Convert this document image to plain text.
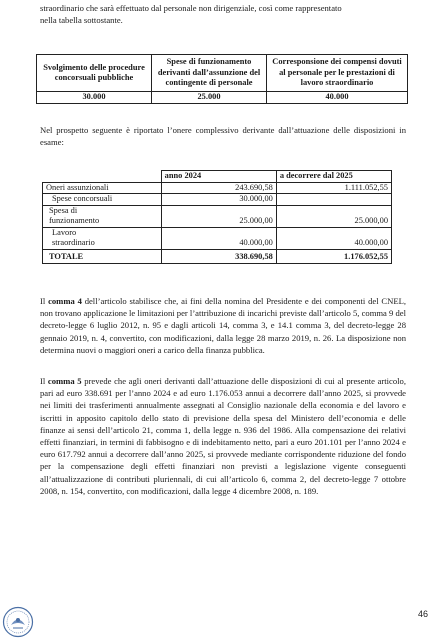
straordinario che sarà effettuato dal personale non dirigenziale, così come rappresentato
nella tabella sottostante.

Svolgimento delle procedure concorsuali pubbliche	Spese di funzionamento derivanti dall’assunzione del contingente di personale	Corresponsione dei compensi dovuti al personale per le prestazioni di lavoro straordinario
30.000	25.000	40.000

Nel prospetto seguente è riportato l’onere complessivo derivante dall’attuazione delle disposizioni in esame:

	anno 2024	a decorrere dal 2025
Oneri assunzionali	243.690,58	1.111.052,55
Spese concorsuali	30.000,00	
Spesa di funzionamento	25.000,00	25.000,00
Lavoro straordinario	40.000,00	40.000,00
TOTALE	338.690,58	1.176.052,55

Il comma 4 dell’articolo stabilisce che, ai fini della nomina del Presidente e dei componenti del CNEL, non trovano applicazione le limitazioni per l’attribuzione di incarichi previste dall’articolo 5, comma 9 del decreto-legge 6 luglio 2012, n. 95 e dagli articoli 14, comma 3, e 14.1 comma 3, del decreto-legge 28 gennaio 2019, n. 4, convertito, con modificazioni, dalla legge 28 marzo 2019, n. 26. La disposizione non determina nuovi o maggiori oneri a carico della finanza pubblica.

Il comma 5 prevede che agli oneri derivanti dall’attuazione delle disposizioni di cui al presente articolo, pari ad euro 338.691 per l’anno 2024 e ad euro 1.176.053 annui a decorrere dall’anno 2025, si provvede nei limiti dei trasferimenti annualmente assegnati al Consiglio nazionale della economia e del lavoro e iscritti in apposito capitolo dello stato di previsione della spesa del Ministero dell’economia e delle finanze ai sensi dell’articolo 21, comma 1, della legge n. 936 del 1986. Alla compensazione dei relativi effetti finanziari, in termini di fabbisogno e di indebitamento netto, pari a euro 201.101 per l’anno 2024 e euro 617.792 annui a decorrere dall’anno 2025, si provvede mediante corrispondente riduzione del fondo per la compensazione degli effetti finanziari non previsti a legislazione vigente conseguenti all’attualizzazione di contributi pluriennali, di cui all’articolo 6, comma 2, del decreto-legge 7 ottobre 2008, n. 154, convertito, con modificazioni, dalla legge 4 dicembre 2008, n. 189.

46
